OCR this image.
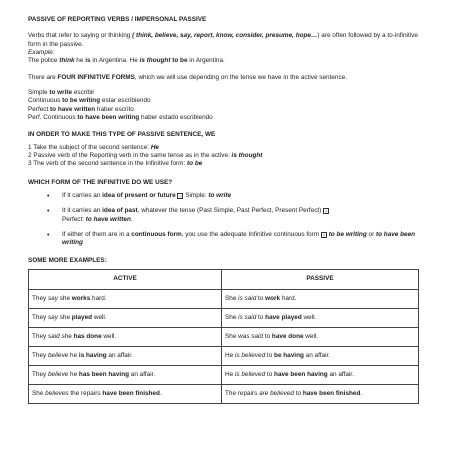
PASSIVE OF REPORTING VERBS / IMPERSONAL PASSIVE

Verbs that refer to saying or thinking ( think, believe, say, report, know, consider, presume, hope…) are often followed by a to-infinitive form in the passive.

Example:

The police think he is in Argentina. He is thought to be in Argentina.

There are FOUR INFINITIVE FORMS, which we will use depending on the tense we have in the active sentence.

Simple to write escribir
Continuous to be writing estar escribiendo
Perfect to have written haber escrito
Perf. Continuous to have been writing haber estado escribiendo
IN ORDER TO MAKE THIS TYPE OF PASSIVE SENTENCE, WE
1 Take the subject of the second sentence: He
2 Passive verb of the Reporting verb in the same tense as in the active: is thought
3 The verb of the second sentence in the Infinitive form: to be
WHICH FORM OF THE INFINITIVE DO WE USE?
• If it carries an idea of present or future ? Simple: to write
• It it carries an idea of past, whatever the tense (Past Simple, Past Perfect, Present Perfect) ?
Perfect: to have written.
• If either of them are in a continuous form, you use the adequate Infinitive continuous form ? to be writing or to have been writing
SOME MORE EXAMPLES:
ACTIVE	PASSIVE
They say she works hard.	She is said to work hard.
They say she played well.	She is said to have played well.
They said she has done well.	She was said to have done well.
They believe he is having an affair.	He is believed to be having an affair.
They believe he has been having an affair.	He is believed to have been having an affair.
She believes the repairs have been finished.	The repairs are believed to have been finished.
